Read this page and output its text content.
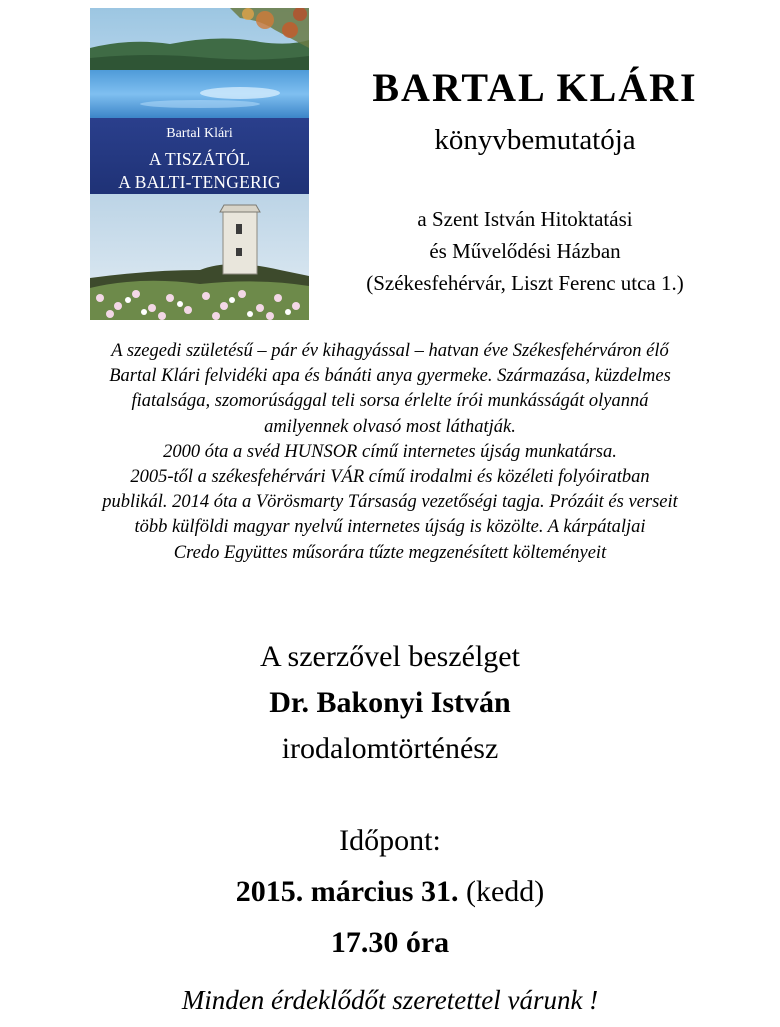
Bartal Klári
A TISZÁTÓL
A BALTI-TENGERIG
BARTAL KLÁRI
könyvbemutatója
a Szent István Hitoktatási
és Művelődési Házban
(Székesfehérvár, Liszt Ferenc utca 1.)
A szegedi születésű – pár év kihagyással – hatvan éve Székesfehérváron élő
Bartal Klári felvidéki apa és bánáti anya gyermeke. Származása, küzdelmes
fiatalsága, szomorúsággal teli sorsa érlelte írói munkásságát olyanná
amilyennek olvasó most láthatják.
2000 óta a svéd HUNSOR című internetes újság munkatársa.
2005-től a székesfehérvári VÁR című irodalmi és közéleti folyóiratban
publikál. 2014 óta a Vörösmarty Társaság vezetőségi tagja. Prózáit és verseit
több külföldi magyar nyelvű internetes újság is közölte. A kárpátaljai
Credo Együttes műsorára tűzte megzenésített költeményeit
A szerzővel beszélget
Dr. Bakonyi István
irodalomtörténész
Időpont:
2015. március 31. (kedd)
17.30 óra
Minden érdeklődőt szeretettel várunk !
